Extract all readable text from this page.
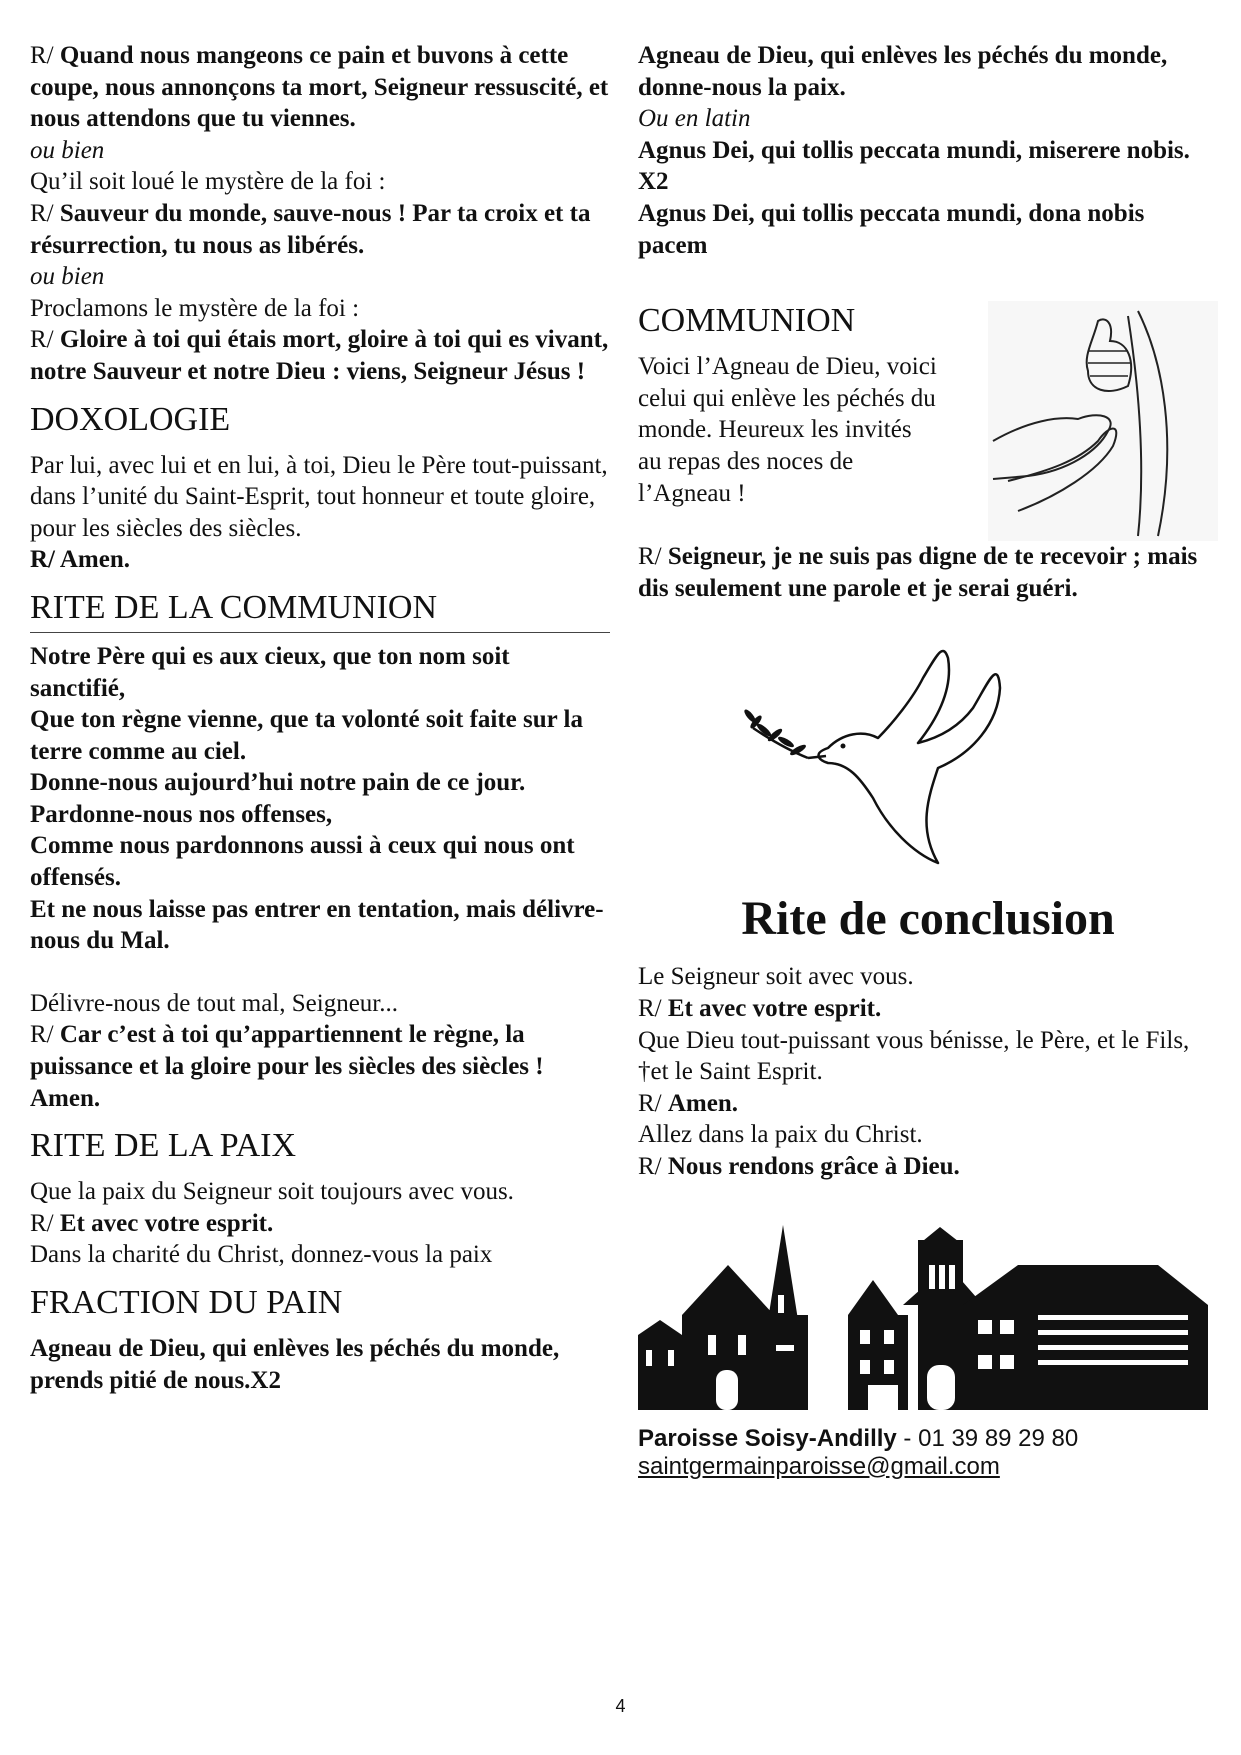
R/ Quand nous mangeons ce pain et buvons à cette coupe, nous annonçons ta mort, Seigneur ressuscité, et nous attendons que tu viennes.

ou bien

Qu’il soit loué le mystère de la foi :

R/ Sauveur du monde, sauve-nous ! Par ta croix et ta résurrection, tu nous as libérés.

ou bien

Proclamons le mystère de la foi :

R/ Gloire à toi qui étais mort, gloire à toi qui es vivant, notre Sauveur et notre Dieu : viens, Seigneur Jésus !

DOXOLOGIE

Par lui, avec lui et en lui, à toi, Dieu le Père tout-puissant, dans l’unité du Saint-Esprit, tout honneur et toute gloire, pour les siècles des siècles.

R/ Amen.

RITE DE LA COMMUNION

Notre Père qui es aux cieux, que ton nom soit sanctifié,

Que ton règne vienne, que ta volonté soit faite sur la terre comme au ciel.

Donne-nous aujourd’hui notre pain de ce jour. Pardonne-nous nos offenses,

Comme nous pardonnons aussi à ceux qui nous ont offensés.

Et ne nous laisse pas entrer en tentation, mais délivre-nous du Mal.

Délivre-nous de tout mal, Seigneur...

R/ Car c’est à toi qu’appartiennent le règne, la puissance et la gloire pour les siècles des siècles ! Amen.

RITE DE LA PAIX

Que la paix du Seigneur soit toujours avec vous.

R/ Et avec votre esprit.

Dans la charité du Christ, donnez-vous la paix

FRACTION DU PAIN

Agneau de Dieu, qui enlèves les péchés du monde, prends pitié de nous.X2

Agneau de Dieu, qui enlèves les péchés du monde, donne-nous la paix.

Ou en latin

Agnus Dei, qui tollis peccata mundi, miserere nobis. X2

Agnus Dei, qui tollis peccata mundi, dona nobis pacem

COMMUNION

Voici l’Agneau de Dieu, voici celui qui enlève les péchés du monde. Heureux les invités au repas des noces de l’Agneau !

R/ Seigneur, je ne suis pas digne de te recevoir ; mais dis seulement une parole et je serai guéri.

Rite de conclusion

Le Seigneur soit avec vous.

R/ Et avec votre esprit.

Que Dieu tout-puissant vous bénisse, le Père, et le Fils, †et le Saint Esprit.

R/ Amen.

Allez dans la paix du Christ.

R/ Nous rendons grâce à Dieu.

Paroisse Soisy-Andilly - 01 39 89 29 80

saintgermainparoisse@gmail.com

4
